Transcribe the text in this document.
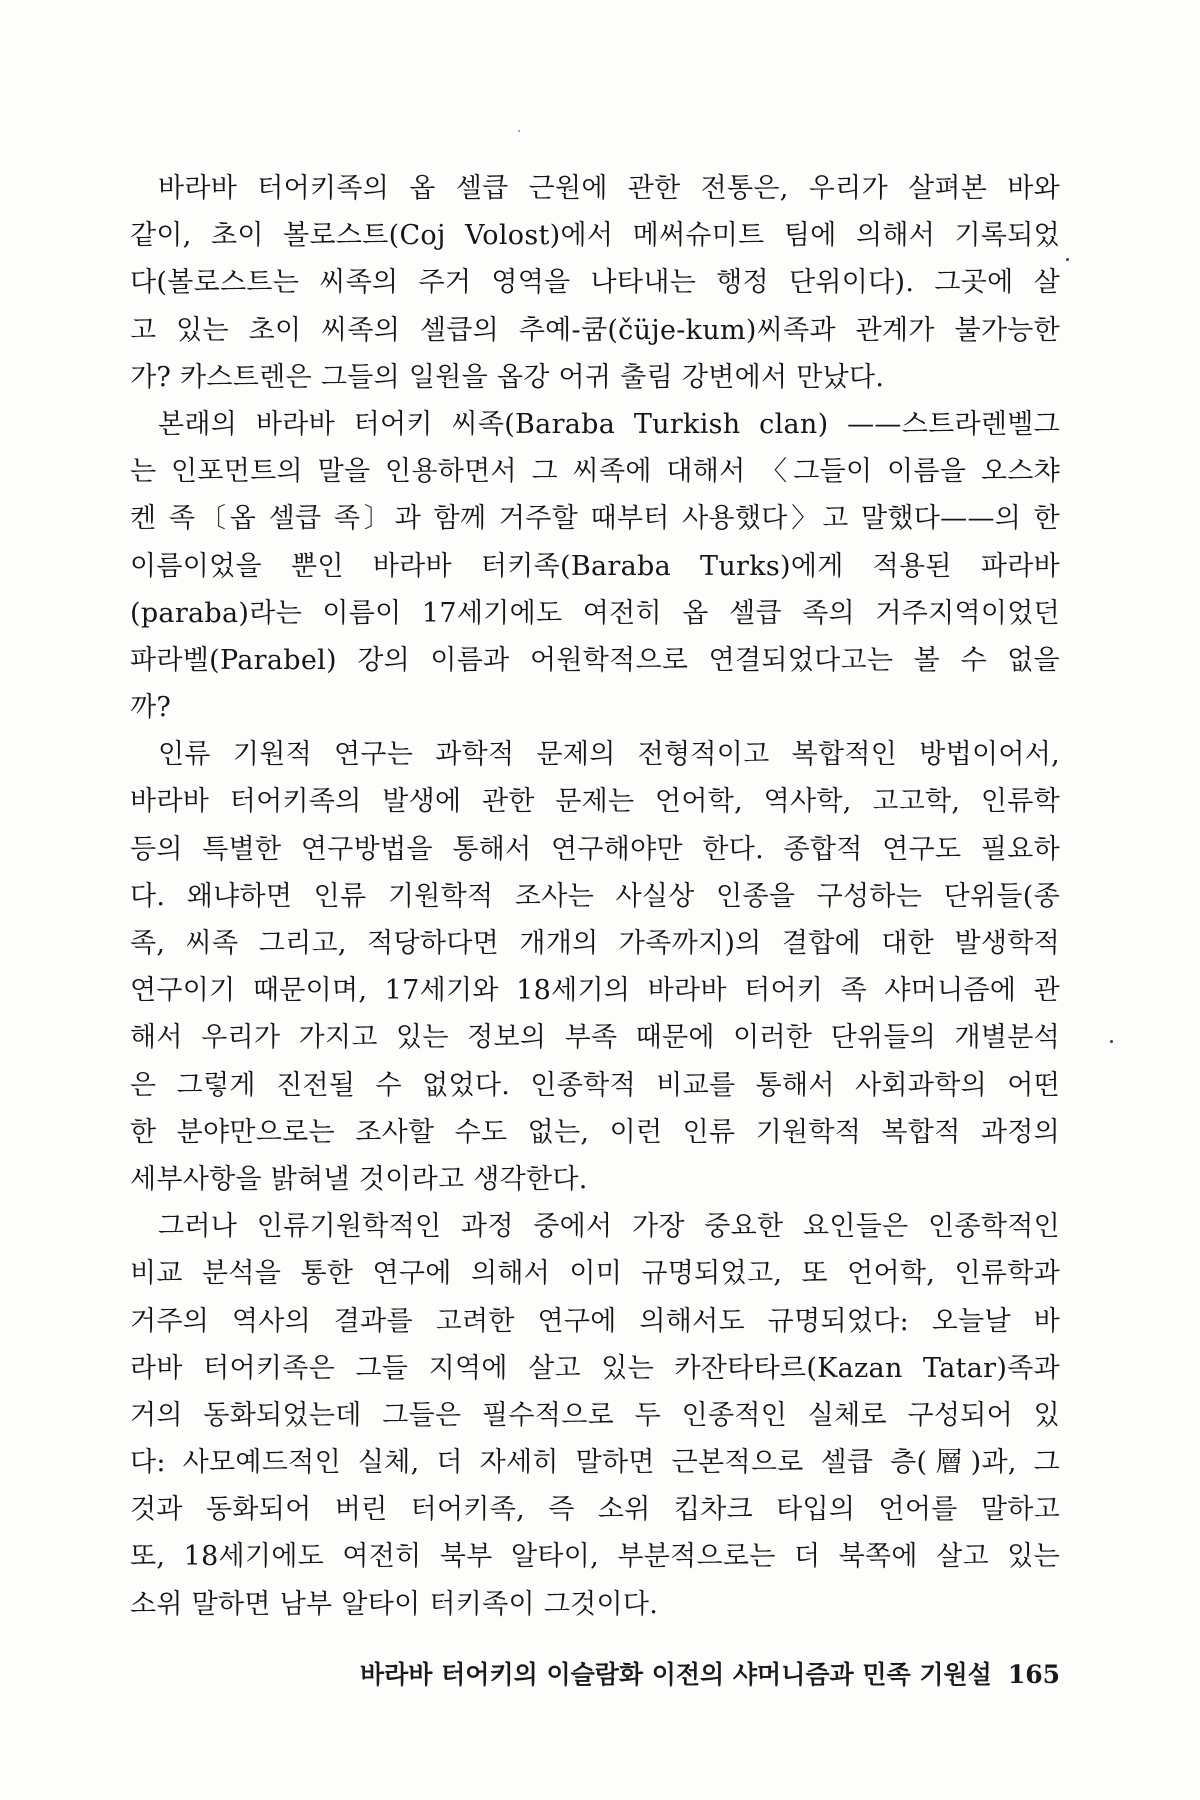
바라바 터어키족의 옵 셀큽 근원에 관한 전통은, 우리가 살펴본 바와
같이, 초이 볼로스트(Coj Volost)에서 메써슈미트 팀에 의해서 기록되었
다(볼로스트는 씨족의 주거 영역을 나타내는 행정 단위이다). 그곳에 살
고 있는 초이 씨족의 셀큽의 추예-쿰(čüje-kum)씨족과 관계가 불가능한
가? 카스트렌은 그들의 일원을 옵강 어귀 출림 강변에서 만났다.
본래의 바라바 터어키 씨족(Baraba Turkish clan) ——스트라렌벨그
는 인포먼트의 말을 인용하면서 그 씨족에 대해서 〈그들이 이름을 오스챠
켄 족〔옵 셀큽 족〕과 함께 거주할 때부터 사용했다〉고 말했다——의 한
이름이었을 뿐인 바라바 터키족(Baraba Turks)에게 적용된 파라바
(paraba)라는 이름이 17세기에도 여전히 옵 셀큽 족의 거주지역이었던
파라벨(Parabel) 강의 이름과 어원학적으로 연결되었다고는 볼 수 없을
까?
인류 기원적 연구는 과학적 문제의 전형적이고 복합적인 방법이어서,
바라바 터어키족의 발생에 관한 문제는 언어학, 역사학, 고고학, 인류학
등의 특별한 연구방법을 통해서 연구해야만 한다. 종합적 연구도 필요하
다. 왜냐하면 인류 기원학적 조사는 사실상 인종을 구성하는 단위들(종
족, 씨족 그리고, 적당하다면 개개의 가족까지)의 결합에 대한 발생학적
연구이기 때문이며, 17세기와 18세기의 바라바 터어키 족 샤머니즘에 관
해서 우리가 가지고 있는 정보의 부족 때문에 이러한 단위들의 개별분석
은 그렇게 진전될 수 없었다. 인종학적 비교를 통해서 사회과학의 어떤
한 분야만으로는 조사할 수도 없는, 이런 인류 기원학적 복합적 과정의
세부사항을 밝혀낼 것이라고 생각한다.
그러나 인류기원학적인 과정 중에서 가장 중요한 요인들은 인종학적인
비교 분석을 통한 연구에 의해서 이미 규명되었고, 또 언어학, 인류학과
거주의 역사의 결과를 고려한 연구에 의해서도 규명되었다: 오늘날 바
라바 터어키족은 그들 지역에 살고 있는 카잔타타르(Kazan Tatar)족과
거의 동화되었는데 그들은 필수적으로 두 인종적인 실체로 구성되어 있
다: 사모예드적인 실체, 더 자세히 말하면 근본적으로 셀큽 층(層)과, 그
것과 동화되어 버린 터어키족, 즉 소위 킵차크 타입의 언어를 말하고
또, 18세기에도 여전히 북부 알타이, 부분적으로는 더 북쪽에 살고 있는
소위 말하면 남부 알타이 터키족이 그것이다.
바라바 터어키의 이슬람화 이전의 샤머니즘과 민족 기원설 165
